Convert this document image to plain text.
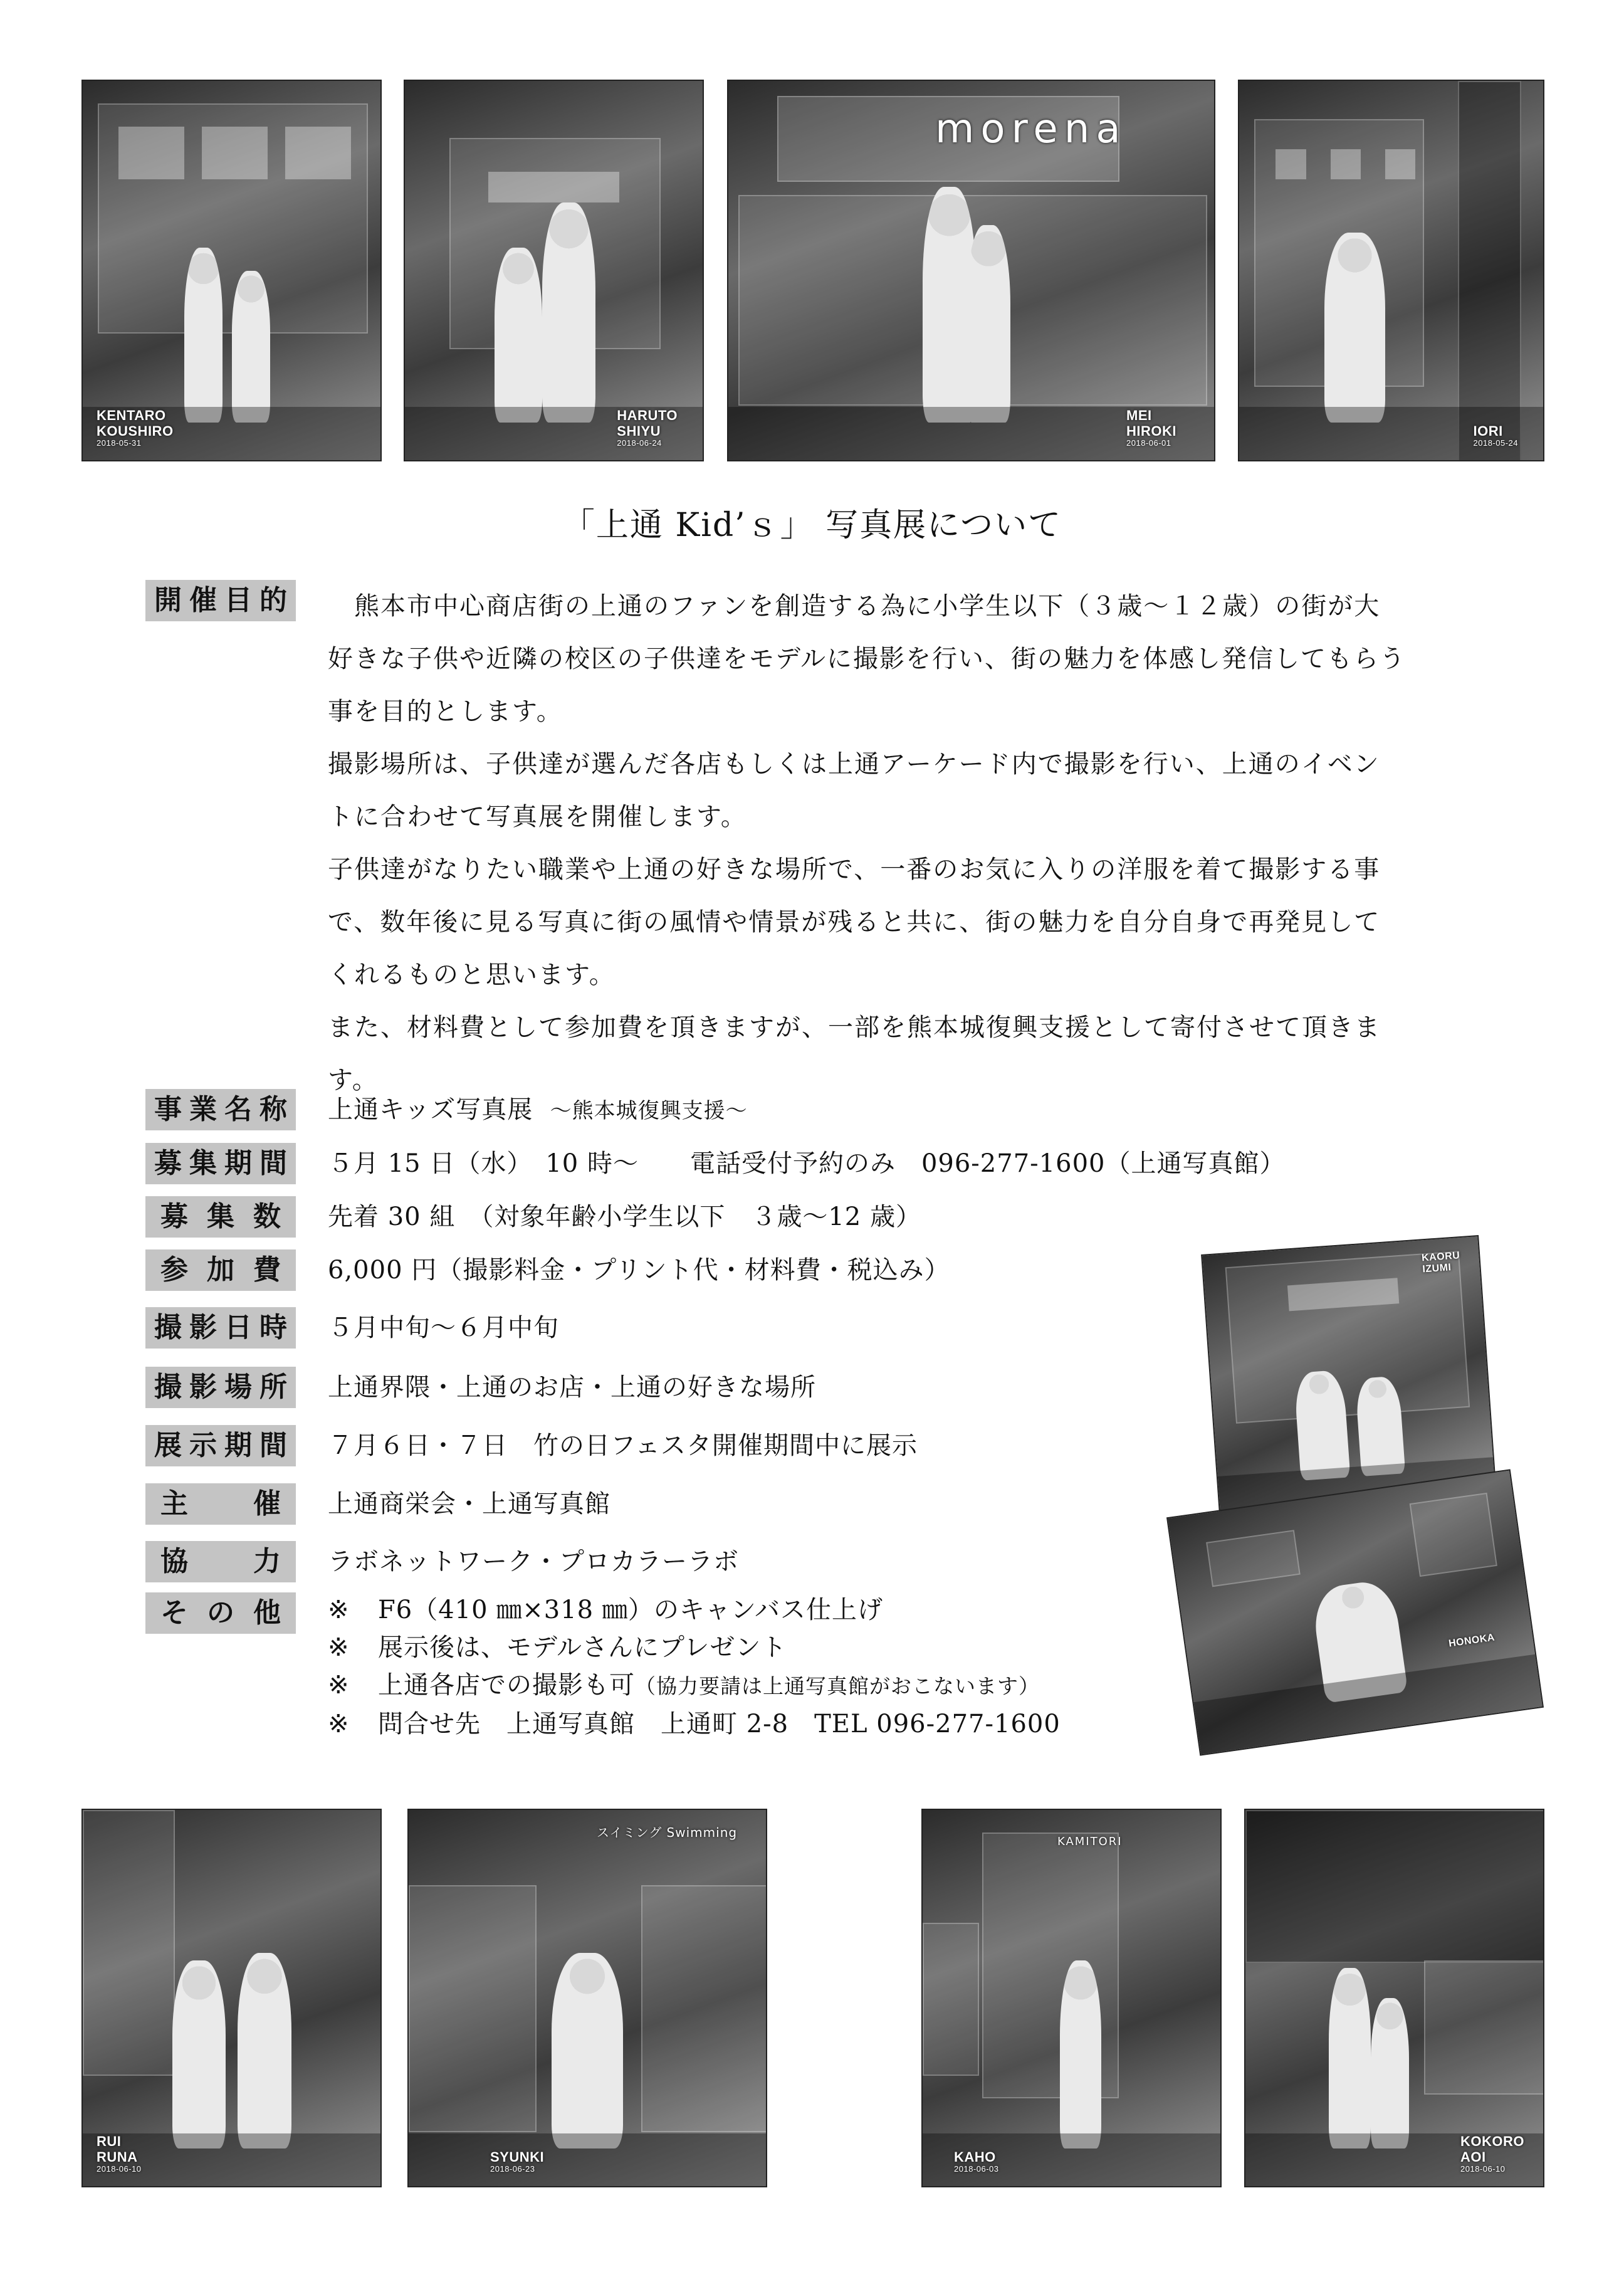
KENTARO
KOUSHIRO
2018-05-31
HARUTO
SHIYU
2018-06-24
morena
MEI
HIROKI
2018-06-01
IORI
2018-05-24
「上通 Kid’ｓ」 写真展について
開 催 目 的 　熊本市中心商店街の上通のファンを創造する為に小学生以下（３歳〜１２歳）の街が大好きな子供や近隣の校区の子供達をモデルに撮影を行い、街の魅力を体感し発信してもらう事を目的とします。

撮影場所は、子供達が選んだ各店もしくは上通アーケード内で撮影を行い、上通のイベントに合わせて写真展を開催します。

子供達がなりたい職業や上通の好きな場所で、一番のお気に入りの洋服を着て撮影する事で、数年後に見る写真に街の風情や情景が残ると共に、街の魅力を自分自身で再発見してくれるものと思います。

また、材料費として参加費を頂きますが、一部を熊本城復興支援として寄付させて頂きます。

事 業 名 称 上通キッズ写真展 〜熊本城復興支援〜
募 集 期 間 ５月 15 日（水）　10 時〜　　電話受付予約のみ　096-277-1600（上通写真館）
募 集 数 先着 30 組　（対象年齢小学生以下　３歳〜12 歳）
参 加 費 6,000 円（撮影料金・プリント代・材料費・税込み）
撮 影 日 時 ５月中旬〜６月中旬
撮 影 場 所 上通界隈・上通のお店・上通の好きな場所
展 示 期 間 ７月６日・７日　竹の日フェスタ開催期間中に展示
主 催 上通商栄会・上通写真館
協 力 ラボネットワーク・プロカラーラボ
そ の 他 ※ F6（410 ㎜×318 ㎜）のキャンバス仕上げ
※ 展示後は、モデルさんにプレゼント
※ 上通各店での撮影も可（協力要請は上通写真館がおこないます）
※ 問合せ先　上通写真館　上通町 2-8　TEL 096-277-1600
KAORU
IZUMI
HONOKA
RUI
RUNA
2018-06-10
スイミング Swimming
SYUNKI
2018-06-23
KAMITORI
KAHO
2018-06-03
KOKORO
AOI
2018-06-10
